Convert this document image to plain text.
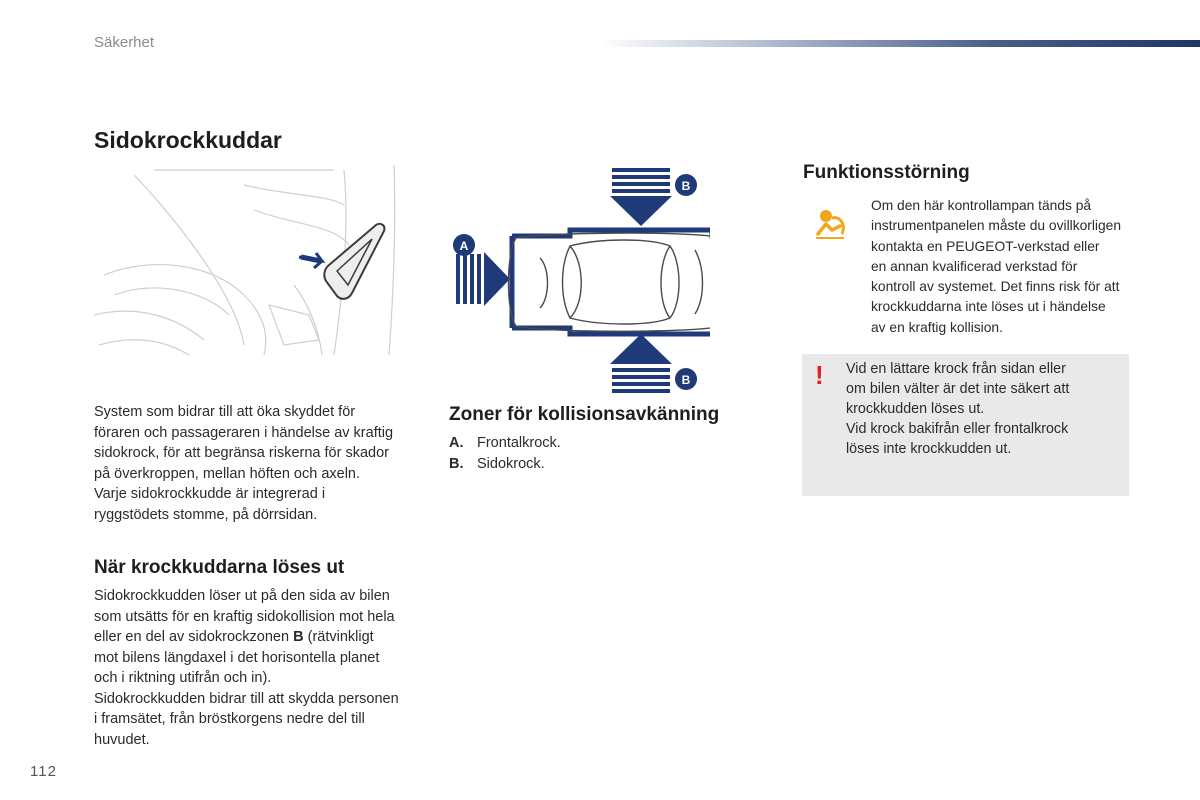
Säkerhet
Sidokrockkuddar
A
B
B
System som bidrar till att öka skyddet för
föraren och passageraren i händelse av kraftig
sidokrock, för att begränsa riskerna för skador
på överkroppen, mellan höften och axeln.
Varje sidokrockkudde är integrerad i
ryggstödets stomme, på dörrsidan.
När krockkuddarna löses ut
Sidokrockkudden löser ut på den sida av bilen
som utsätts för en kraftig sidokollision mot hela
eller en del av sidokrockzonen B (rätvinkligt
mot bilens längdaxel i det horisontella planet
och i riktning utifrån och in).
Sidokrockkudden bidrar till att skydda personen
i framsätet, från bröstkorgens nedre del till
huvudet.
Zoner för kollisionsavkänning
A. Frontalkrock.
B. Sidokrock.
Funktionsstörning
Om den här kontrollampan tänds på
instrumentpanelen måste du ovillkorligen
kontakta en PEUGEOT-verkstad eller
en annan kvalificerad verkstad för
kontroll av systemet. Det finns risk för att
krockkuddarna inte löses ut i händelse
av en kraftig kollision.
! Vid en lättare krock från sidan eller
om bilen välter är det inte säkert att
krockkudden löses ut.
Vid krock bakifrån eller frontalkrock
löses inte krockkudden ut.
112
